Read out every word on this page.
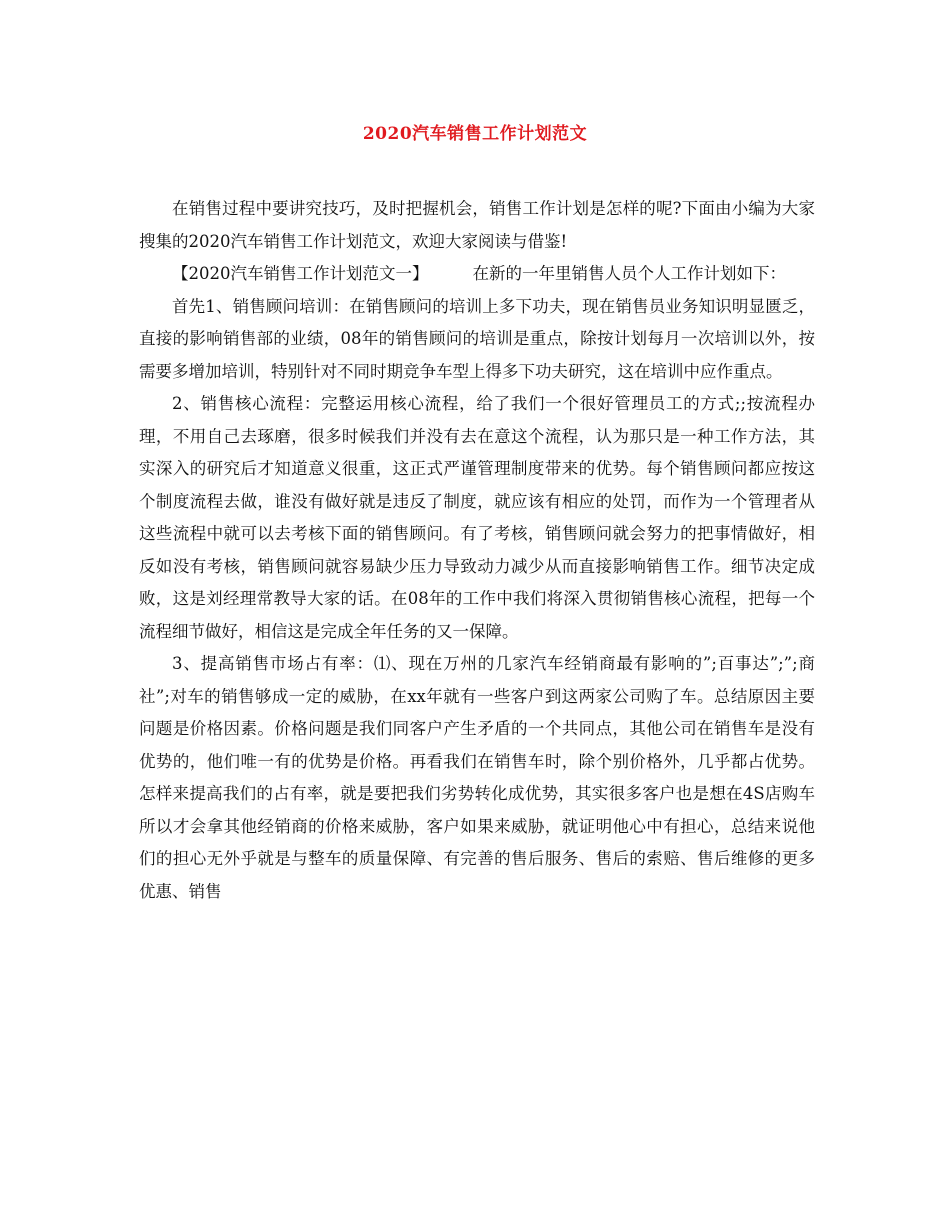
2020汽车销售工作计划范文

在销售过程中要讲究技巧，及时把握机会，销售工作计划是怎样的呢?下面由小编为大家搜集的2020汽车销售工作计划范文，欢迎大家阅读与借鉴!

【2020汽车销售工作计划范文一】	在新的一年里销售人员个人工作计划如下：

首先1、销售顾问培训：在销售顾问的培训上多下功夫，现在销售员业务知识明显匮乏，直接的影响销售部的业绩，08年的销售顾问的培训是重点，除按计划每月一次培训以外，按需要多增加培训，特别针对不同时期竞争车型上得多下功夫研究，这在培训中应作重点。

2、销售核心流程：完整运用核心流程，给了我们一个很好管理员工的方式;;按流程办理，不用自己去琢磨，很多时候我们并没有去在意这个流程，认为那只是一种工作方法，其实深入的研究后才知道意义很重，这正式严谨管理制度带来的优势。每个销售顾问都应按这个制度流程去做，谁没有做好就是违反了制度，就应该有相应的处罚，而作为一个管理者从这些流程中就可以去考核下面的销售顾问。有了考核，销售顾问就会努力的把事情做好，相反如没有考核，销售顾问就容易缺少压力导致动力减少从而直接影响销售工作。细节决定成败，这是刘经理常教导大家的话。在08年的工作中我们将深入贯彻销售核心流程，把每一个流程细节做好，相信这是完成全年任务的又一保障。

3、提高销售市场占有率：⑴、现在万州的几家汽车经销商最有影响的”;百事达”;”;商社”;对车的销售够成一定的威胁，在xx年就有一些客户到这两家公司购了车。总结原因主要问题是价格因素。价格问题是我们同客户产生矛盾的一个共同点，其他公司在销售车是没有优势的，他们唯一有的优势是价格。再看我们在销售车时，除个别价格外，几乎都占优势。怎样来提高我们的占有率，就是要把我们劣势转化成优势，其实很多客户也是想在4S店购车所以才会拿其他经销商的价格来威胁，客户如果来威胁，就证明他心中有担心，总结来说他们的担心无外乎就是与整车的质量保障、有完善的售后服务、售后的索赔、售后维修的更多优惠、销售
